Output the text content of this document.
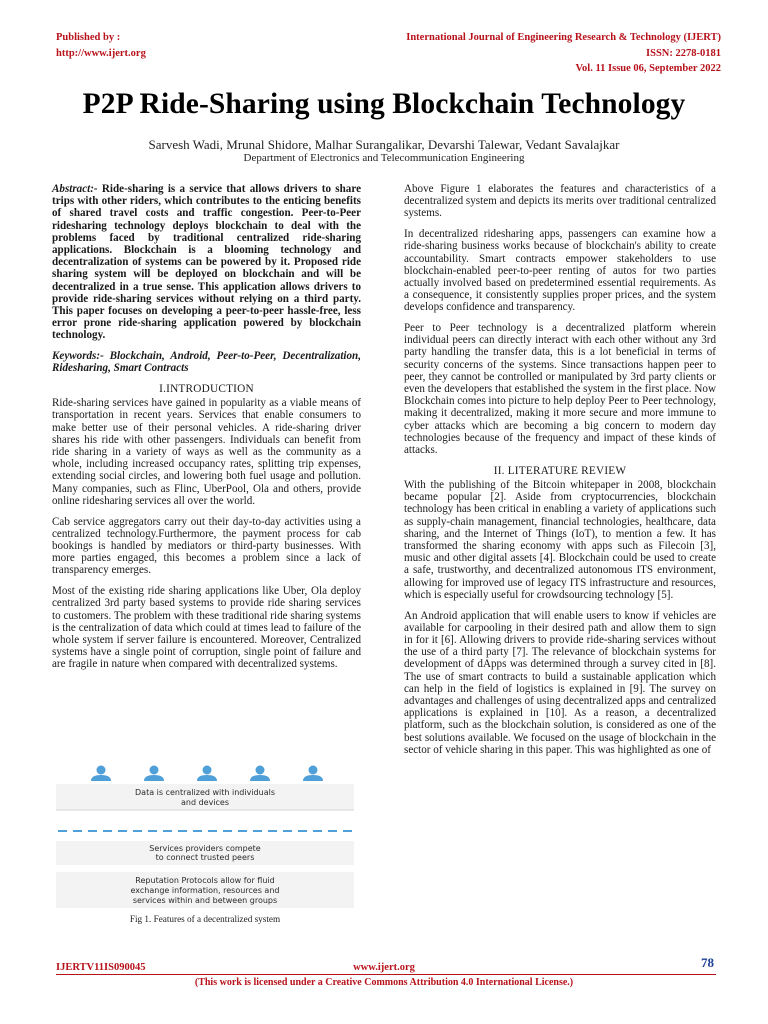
Published by :
http://www.ijert.org
International Journal of Engineering Research & Technology (IJERT)
ISSN: 2278-0181
Vol. 11 Issue 06, September 2022
P2P Ride-Sharing using Blockchain Technology
Sarvesh Wadi, Mrunal Shidore, Malhar Surangalikar, Devarshi Talewar, Vedant Savalajkar
Department of Electronics and Telecommunication Engineering

Abstract:- Ride-sharing is a service that allows drivers to share trips with other riders, which contributes to the enticing benefits of shared travel costs and traffic congestion. Peer-to-Peer ridesharing technology deploys blockchain to deal with the problems faced by traditional centralized ride-sharing applications. Blockchain is a blooming technology and decentralization of systems can be powered by it. Proposed ride sharing system will be deployed on blockchain and will be decentralized in a true sense. This application allows drivers to provide ride-sharing services without relying on a third party. This paper focuses on developing a peer-to-peer hassle-free, less error prone ride-sharing application powered by blockchain technology.

Keywords:- Blockchain, Android, Peer-to-Peer, Decentralization, Ridesharing, Smart Contracts

I.INTRODUCTION

Ride-sharing services have gained in popularity as a viable means of transportation in recent years. Services that enable consumers to make better use of their personal vehicles. A ride-sharing driver shares his ride with other passengers. Individuals can benefit from ride sharing in a variety of ways as well as the community as a whole, including increased occupancy rates, splitting trip expenses, extending social circles, and lowering both fuel usage and pollution. Many companies, such as Flinc, UberPool, Ola and others, provide online ridesharing services all over the world.

Cab service aggregators carry out their day-to-day activities using a centralized technology.Furthermore, the payment process for cab bookings is handled by mediators or third-party businesses. With more parties engaged, this becomes a problem since a lack of transparency emerges.

Most of the existing ride sharing applications like Uber, Ola deploy centralized 3rd party based systems to provide ride sharing services to customers. The problem with these traditional ride sharing systems is the centralization of data which could at times lead to failure of the whole system if server failure is encountered. Moreover, Centralized systems have a single point of corruption, single point of failure and are fragile in nature when compared with decentralized systems.

Data is centralized with individuals
and devices
Services providers compete
to connect trusted peers
Reputation Protocols allow for fluid
exchange information, resources and
services within and between groups
Fig 1. Features of a decentralized system

Above Figure 1 elaborates the features and characteristics of a decentralized system and depicts its merits over traditional centralized systems.

In decentralized ridesharing apps, passengers can examine how a ride-sharing business works because of blockchain's ability to create accountability. Smart contracts empower stakeholders to use blockchain-enabled peer-to-peer renting of autos for two parties actually involved based on predetermined essential requirements. As a consequence, it consistently supplies proper prices, and the system develops confidence and transparency.

Peer to Peer technology is a decentralized platform wherein individual peers can directly interact with each other without any 3rd party handling the transfer data, this is a lot beneficial in terms of security concerns of the systems. Since transactions happen peer to peer, they cannot be controlled or manipulated by 3rd party clients or even the developers that established the system in the first place. Now Blockchain comes into picture to help deploy Peer to Peer technology, making it decentralized, making it more secure and more immune to cyber attacks which are becoming a big concern to modern day technologies because of the frequency and impact of these kinds of attacks.

II. LITERATURE REVIEW

With the publishing of the Bitcoin whitepaper in 2008, blockchain became popular [2]. Aside from cryptocurrencies, blockchain technology has been critical in enabling a variety of applications such as supply-chain management, financial technologies, healthcare, data sharing, and the Internet of Things (IoT), to mention a few. It has transformed the sharing economy with apps such as Filecoin [3], music and other digital assets [4]. Blockchain could be used to create a safe, trustworthy, and decentralized autonomous ITS environment, allowing for improved use of legacy ITS infrastructure and resources, which is especially useful for crowdsourcing technology [5].

An Android application that will enable users to know if vehicles are available for carpooling in their desired path and allow them to sign in for it [6]. Allowing drivers to provide ride-sharing services without the use of a third party [7]. The relevance of blockchain systems for development of dApps was determined through a survey cited in [8]. The use of smart contracts to build a sustainable application which can help in the field of logistics is explained in [9]. The survey on advantages and challenges of using decentralized apps and centralized applications is explained in [10]. As a reason, a decentralized platform, such as the blockchain solution, is considered as one of the best solutions available. We focused on the usage of blockchain in the sector of vehicle sharing in this paper. This was highlighted as one of

IJERTV11IS090045	www.ijert.org
(This work is licensed under a Creative Commons Attribution 4.0 International License.)
78
